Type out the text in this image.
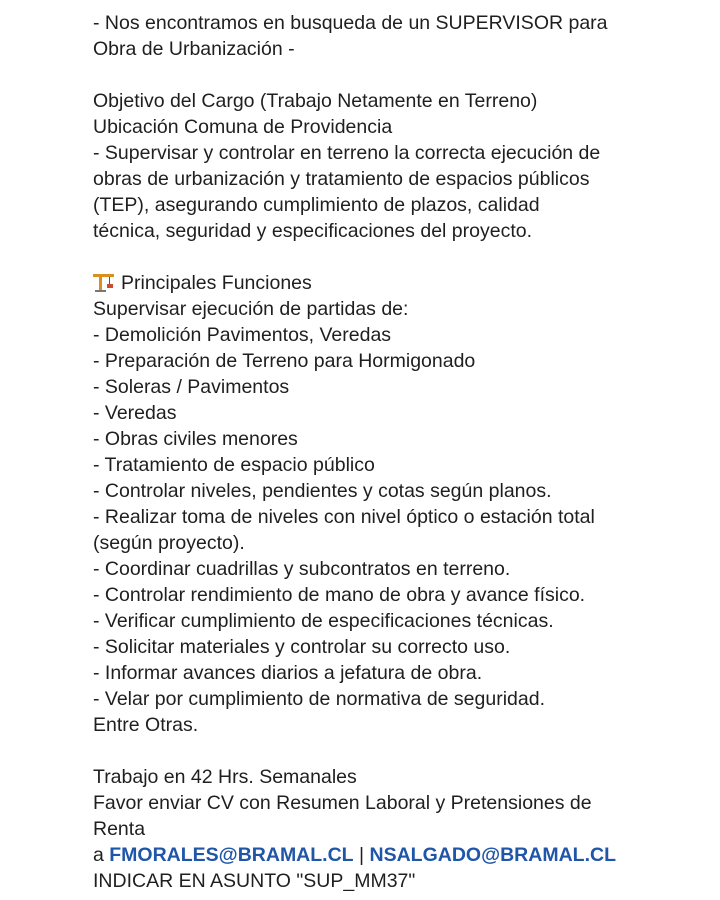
- Nos encontramos en busqueda de un SUPERVISOR para
Obra de Urbanización -
Objetivo del Cargo (Trabajo Netamente en Terreno)
Ubicación Comuna de Providencia
- Supervisar y controlar en terreno la correcta ejecución de
obras de urbanización y tratamiento de espacios públicos
(TEP), asegurando cumplimiento de plazos, calidad
técnica, seguridad y especificaciones del proyecto.
Principales Funciones
Supervisar ejecución de partidas de:
- Demolición Pavimentos, Veredas
- Preparación de Terreno para Hormigonado
- Soleras / Pavimentos
- Veredas
- Obras civiles menores
- Tratamiento de espacio público
- Controlar niveles, pendientes y cotas según planos.
- Realizar toma de niveles con nivel óptico o estación total
(según proyecto).
- Coordinar cuadrillas y subcontratos en terreno.
- Controlar rendimiento de mano de obra y avance físico.
- Verificar cumplimiento de especificaciones técnicas.
- Solicitar materiales y controlar su correcto uso.
- Informar avances diarios a jefatura de obra.
- Velar por cumplimiento de normativa de seguridad.
Entre Otras.
Trabajo en 42 Hrs. Semanales
Favor enviar CV con Resumen Laboral y Pretensiones de
Renta
a FMORALES@BRAMAL.CL | NSALGADO@BRAMAL.CL
INDICAR EN ASUNTO "SUP_MM37"
